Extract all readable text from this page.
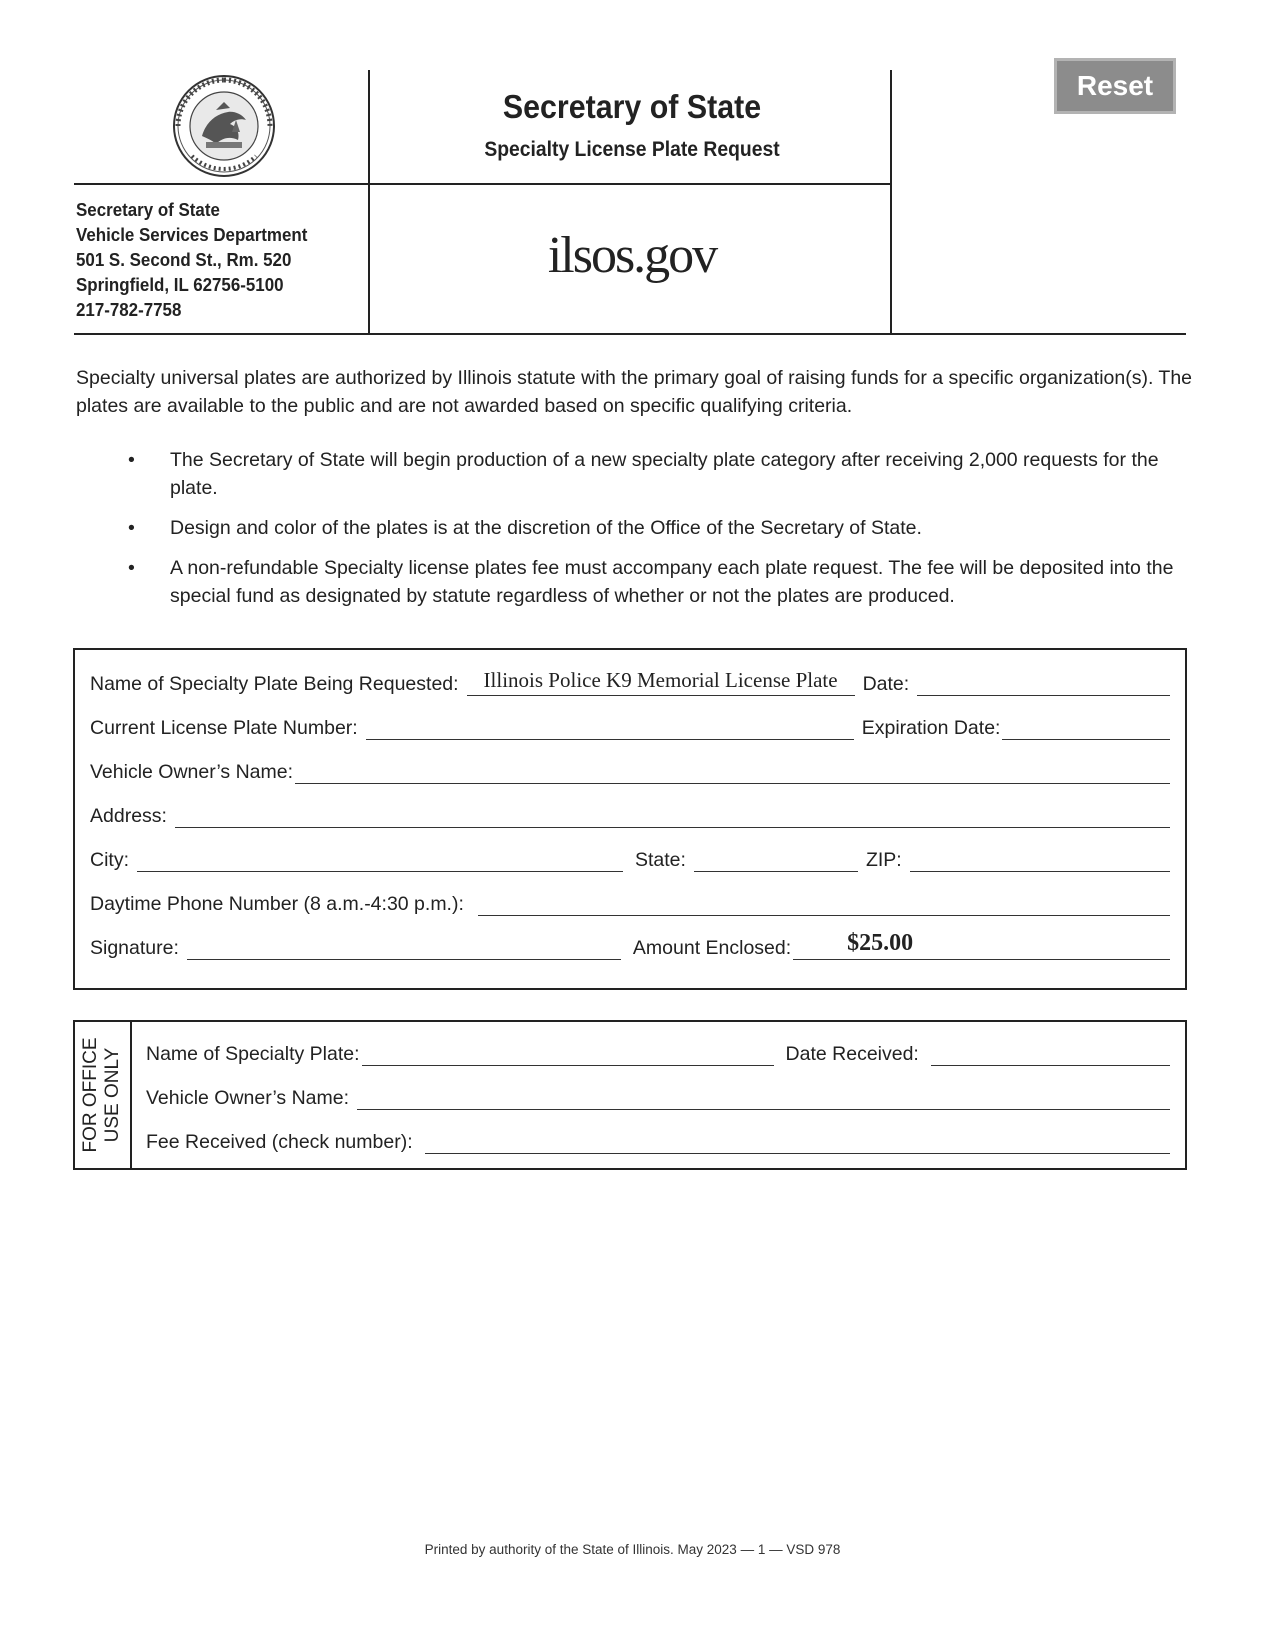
Secretary of State
Specialty License Plate Request
Secretary of State
Vehicle Services Department
501 S. Second St., Rm. 520
Springfield, IL 62756-5100
217-782-7758
ilsos.gov
Reset
Specialty universal plates are authorized by Illinois statute with the primary goal of raising funds for a specific organization(s). The plates are available to the public and are not awarded based on specific qualifying criteria.
• The Secretary of State will begin production of a new specialty plate category after receiving 2,000 requests for the plate.
• Design and color of the plates is at the discretion of the Office of the Secretary of State.
• A non-refundable Specialty license plates fee must accompany each plate request. The fee will be deposited into the special fund as designated by statute regardless of whether or not the plates are produced.
Name of Specialty Plate Being Requested:	Illinois Police K9 Memorial License Plate	Date:
Current License Plate Number:	Expiration Date:
Vehicle Owner’s Name:
Address:
City:	State:	ZIP:
Daytime Phone Number (8 a.m.-4:30 p.m.):
Signature:	Amount Enclosed: $25.00
FOR OFFICE USE ONLY Name of Specialty Plate:	Date Received:
Vehicle Owner’s Name:
Fee Received (check number):
Printed by authority of the State of Illinois. May 2023 — 1 — VSD 978
